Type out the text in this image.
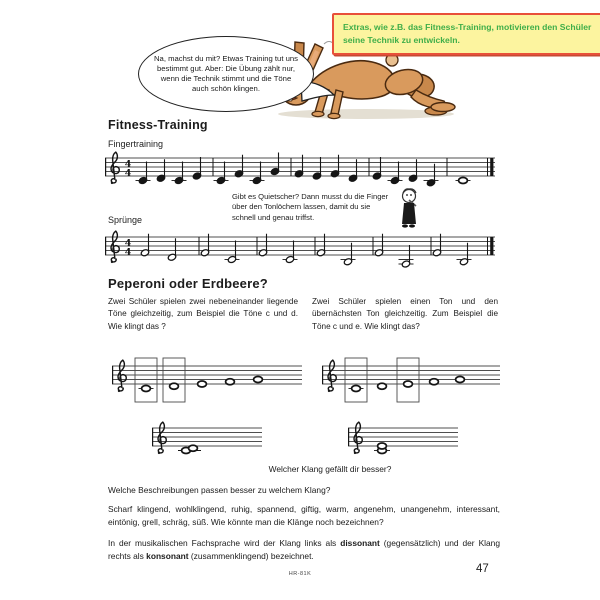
Extras, wie z.B. das Fitness-Training, motivieren den Schüler seine Technik zu entwickeln.
Na, machst du mit? Etwas Training tut uns bestimmt gut. Aber: Die Übung zählt nur, wenn die Technik stimmt und die Töne auch schön klingen.
Fitness-Training
Fingertraining
4
4
Gibt es Quietscher? Dann musst du die Finger über den Tonlöchern lassen, damit du sie schnell und genau triffst.
Sprünge
4
4
Peperoni oder Erdbeere?
Zwei Schüler spielen zwei nebeneinander liegende Töne gleichzeitig, zum Beispiel die Töne c und d. Wie klingt das ?
Zwei Schüler spielen einen Ton und den übernächsten Ton gleichzeitig. Zum Beispiel die Töne c und e. Wie klingt das?
Welcher Klang gefällt dir besser?
Welche Beschreibungen passen besser zu welchem Klang?
Scharf klingend, wohlklingend, ruhig, spannend, giftig, warm, angenehm, unangenehm, interessant, eintönig, grell, schräg, süß. Wie könnte man die Klänge noch bezeichnen?
In der musikalischen Fachsprache wird der Klang links als dissonant (gegensätzlich) und der Klang rechts als konsonant (zusammenklingend) bezeichnet.
HR-81K	47
